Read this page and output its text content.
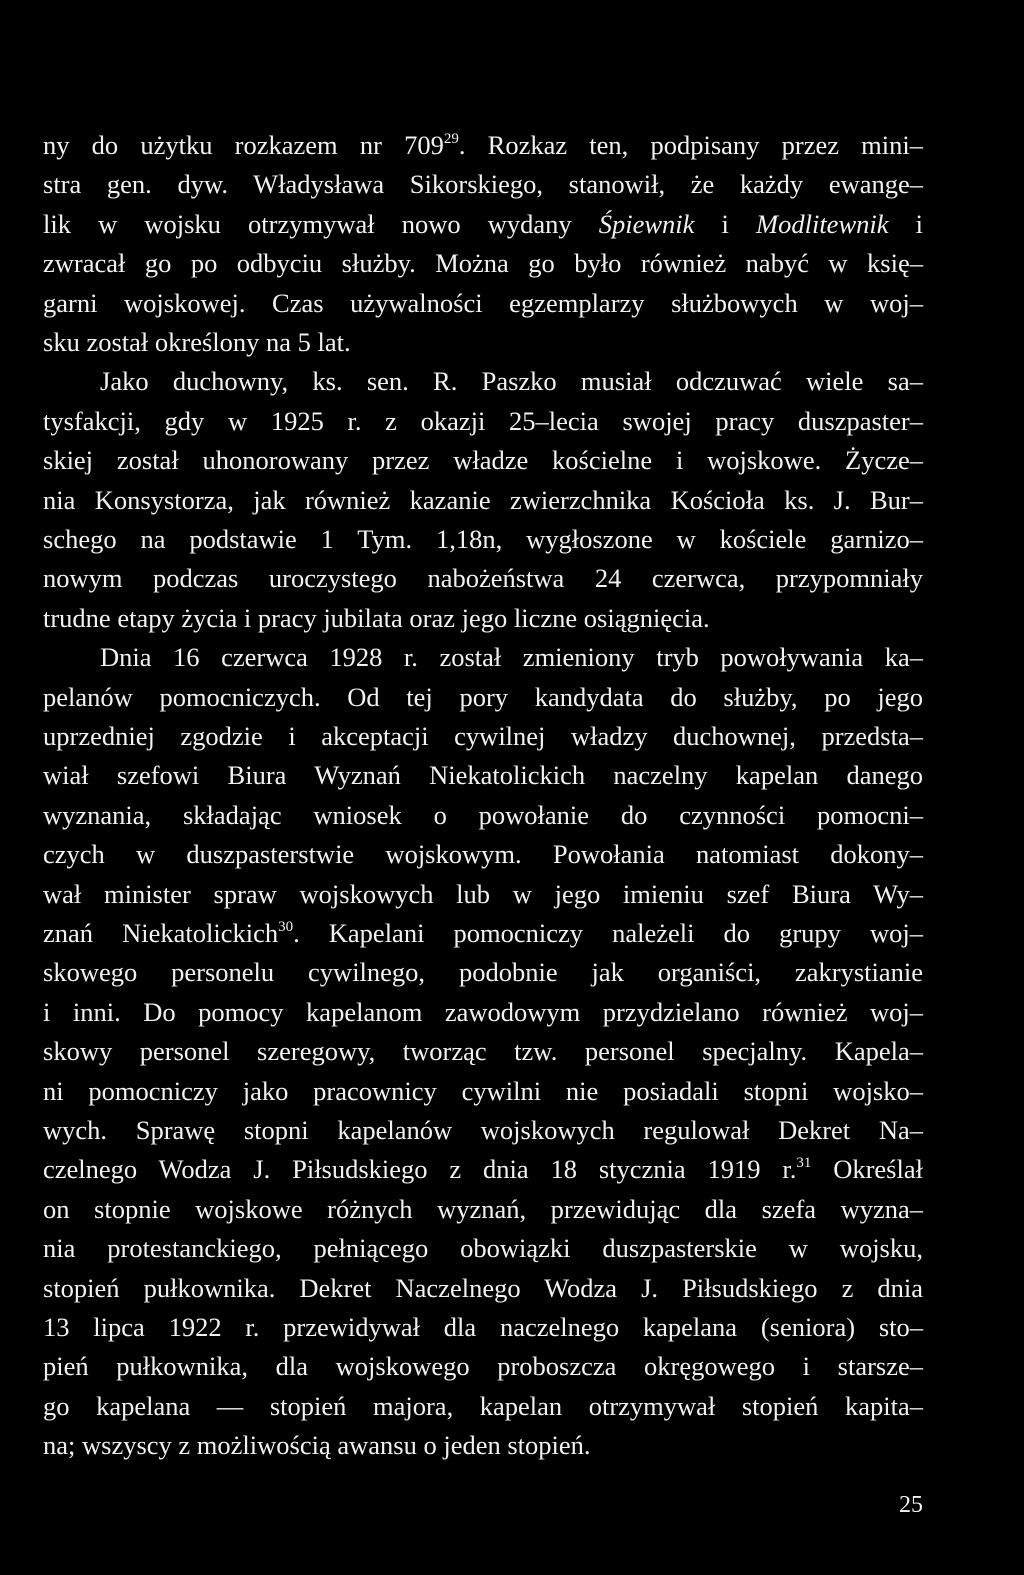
ny do użytku rozkazem nr $709^{29}$. Rozkaz ten, podpisany przez mini–

stra gen. dyw. Władysława Sikorskiego, stanowił, że każdy ewange–

lik w wojsku otrzymywał nowo wydany Śpiewnik i Modlitewnik i

zwracał go po odbyciu służby. Można go było również nabyć w księ–

garni wojskowej. Czas używalności egzemplarzy służbowych w woj–

sku został określony na 5 lat.

Jako duchowny, ks. sen. R. Paszko musiał odczuwać wiele sa–

tysfakcji, gdy w 1925 r. z okazji 25–lecia swojej pracy duszpaster–

skiej został uhonorowany przez władze kościelne i wojskowe. Życze–

nia Konsystorza, jak również kazanie zwierzchnika Kościoła ks. J. Bur–

schego na podstawie 1 Tym. 1,18n, wygłoszone w kościele garnizo–

nowym podczas uroczystego nabożeństwa 24 czerwca, przypomniały

trudne etapy życia i pracy jubilata oraz jego liczne osiągnięcia.

Dnia 16 czerwca 1928 r. został zmieniony tryb powoływania ka–

pelanów pomocniczych. Od tej pory kandydata do służby, po jego

uprzedniej zgodzie i akceptacji cywilnej władzy duchownej, przedsta–

wiał szefowi Biura Wyznań Niekatolickich naczelny kapelan danego

wyznania, składając wniosek o powołanie do czynności pomocni–

czych w duszpasterstwie wojskowym. Powołania natomiast dokony–

wał minister spraw wojskowych lub w jego imieniu szef Biura Wy–

znań Niekatolickich$^{30}$. Kapelani pomocniczy należeli do grupy woj–

skowego personelu cywilnego, podobnie jak organiści, zakrystianie

i inni. Do pomocy kapelanom zawodowym przydzielano również woj–

skowy personel szeregowy, tworząc tzw. personel specjalny. Kapela–

ni pomocniczy jako pracownicy cywilni nie posiadali stopni wojsko–

wych. Sprawę stopni kapelanów wojskowych regulował Dekret Na–

czelnego Wodza J. Piłsudskiego z dnia 18 stycznia 1919 r.$^{31}$ Określał

on stopnie wojskowe różnych wyznań, przewidując dla szefa wyzna–

nia protestanckiego, pełniącego obowiązki duszpasterskie w wojsku,

stopień pułkownika. Dekret Naczelnego Wodza J. Piłsudskiego z dnia

13 lipca 1922 r. przewidywał dla naczelnego kapelana (seniora) sto–

pień pułkownika, dla wojskowego proboszcza okręgowego i starsze–

go kapelana — stopień majora, kapelan otrzymywał stopień kapita–

na; wszyscy z możliwością awansu o jeden stopień.

25
